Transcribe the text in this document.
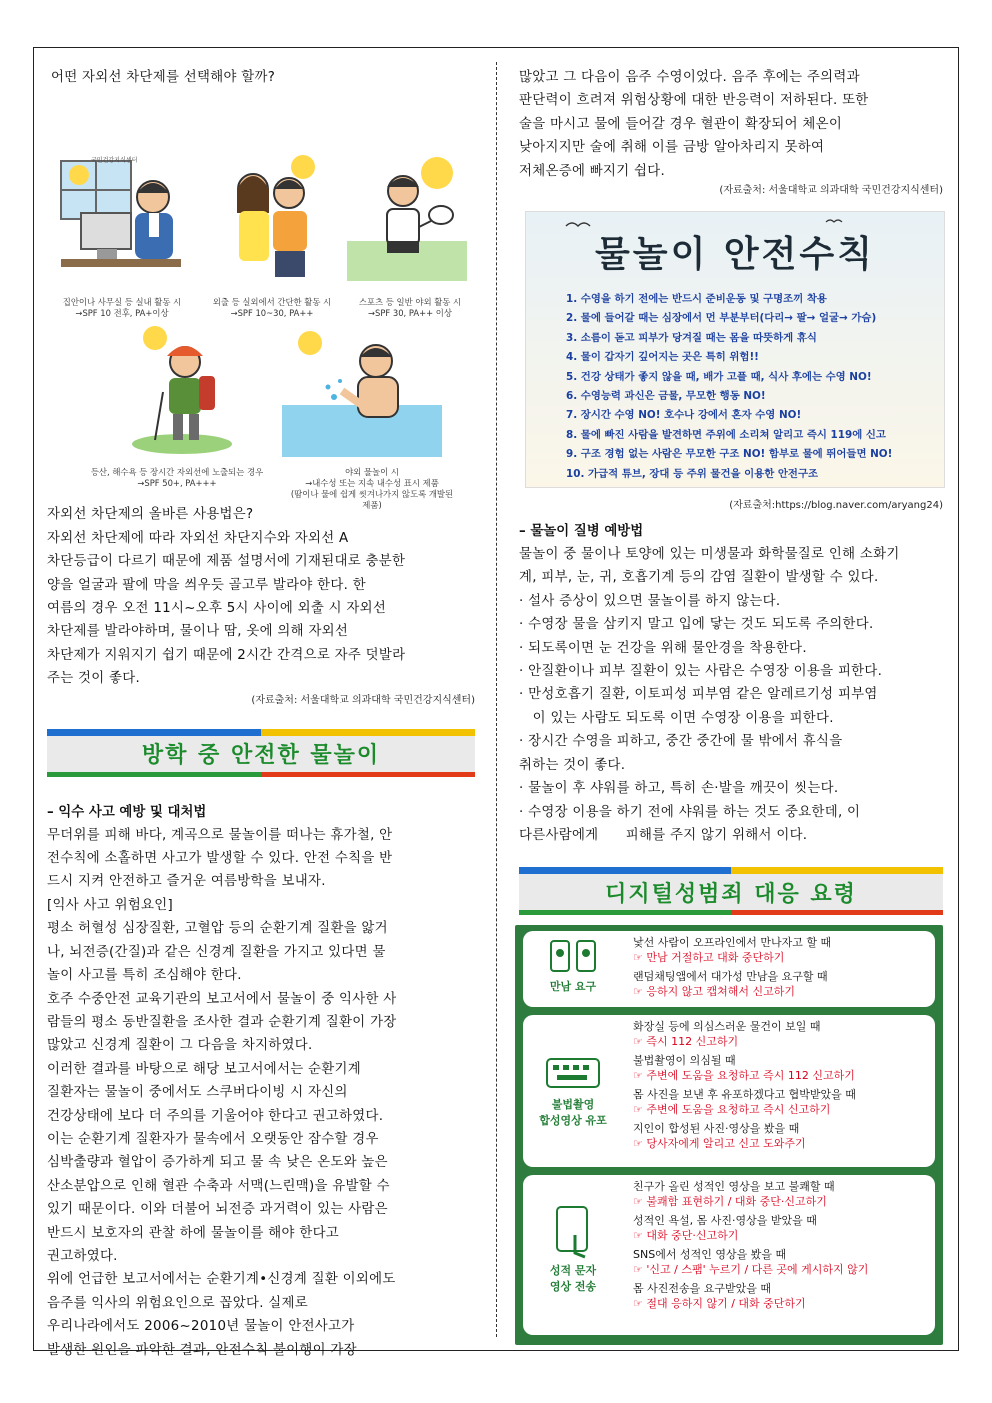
어떤 자외선 차단제를 선택해야 할까?

국민건강지식센터
집안이나 사무실 등 실내 활동 시
→SPF 10 전후, PA+이상
외출 등 실외에서 간단한 활동 시
→SPF 10~30, PA++
스포츠 등 일반 야외 활동 시
→SPF 30, PA++ 이상
등산, 해수욕 등 장시간 자외선에 노출되는 경우
→SPF 50+, PA+++
야외 물놀이 시
→내수성 또는 지속 내수성 표시 제품
(땀이나 물에 쉽게 씻겨나가지 않도록 개발된 제품)

자외선 차단제의 올바른 사용법은?

자외선 차단제에 따라 자외선 차단지수와 자외선 A

차단등급이 다르기 때문에 제품 설명서에 기재된대로 충분한

양을 얼굴과 팔에 막을 씌우듯 골고루 발라야 한다. 한

여름의 경우 오전 11시~오후 5시 사이에 외출 시 자외선

차단제를 발라야하며, 물이나 땀, 옷에 의해 자외선

차단제가 지워지기 쉽기 때문에 2시간 간격으로 자주 덧발라

주는 것이 좋다.

(자료출처: 서울대학교 의과대학 국민건강지식센터)

방학 중 안전한 물놀이

– 익수 사고 예방 및 대처법

무더위를 피해 바다, 계곡으로 물놀이를 떠나는 휴가철, 안

전수칙에 소홀하면 사고가 발생할 수 있다. 안전 수칙을 반

드시 지켜 안전하고 즐거운 여름방학을 보내자.

[익사 사고 위험요인]

평소 허혈성 심장질환, 고혈압 등의 순환기계 질환을 앓거

나, 뇌전증(간질)과 같은 신경계 질환을 가지고 있다면 물

놀이 사고를 특히 조심해야 한다.

호주 수중안전 교육기관의 보고서에서 물놀이 중 익사한 사

람들의 평소 동반질환을 조사한 결과 순환기계 질환이 가장

많았고 신경계 질환이 그 다음을 차지하였다.

이러한 결과를 바탕으로 해당 보고서에서는 순환기계

질환자는 물놀이 중에서도 스쿠버다이빙 시 자신의

건강상태에 보다 더 주의를 기울어야 한다고 권고하였다.

이는 순환기계 질환자가 물속에서 오랫동안 잠수할 경우

심박출량과 혈압이 증가하게 되고 물 속 낮은 온도와 높은

산소분압으로 인해 혈관 수축과 서맥(느린맥)을 유발할 수

있기 때문이다. 이와 더불어 뇌전증 과거력이 있는 사람은

반드시 보호자의 관찰 하에 물놀이를 해야 한다고

권고하였다.

위에 언급한 보고서에서는 순환기계•신경계 질환 이외에도

음주를 익사의 위험요인으로 꼽았다. 실제로

우리나라에서도 2006~2010년 물놀이 안전사고가

발생한 원인을 파악한 결과, 안전수칙 불이행이 가장

많았고 그 다음이 음주 수영이었다. 음주 후에는 주의력과

판단력이 흐려져 위험상황에 대한 반응력이 저하된다. 또한

술을 마시고 물에 들어갈 경우 혈관이 확장되어 체온이

낮아지지만 술에 취해 이를 금방 알아차리지 못하여

저체온증에 빠지기 쉽다.

(자료출처: 서울대학교 의과대학 국민건강지식센터)

물놀이 안전수칙
1. 수영을 하기 전에는 반드시 준비운동 및 구명조끼 착용
2. 물에 들어갈 때는 심장에서 먼 부분부터(다리→ 팔→ 얼굴→ 가슴)
3. 소름이 돋고 피부가 당겨질 때는 몸을 따뜻하게 휴식
4. 물이 갑자기 깊어지는 곳은 특히 위험!!
5. 건강 상태가 좋지 않을 때, 배가 고플 때, 식사 후에는 수영 NO!
6. 수영능력 과신은 금물, 무모한 행동 NO!
7. 장시간 수영 NO! 호수나 강에서 혼자 수영 NO!
8. 물에 빠진 사람을 발견하면 주위에 소리쳐 알리고 즉시 119에 신고
9. 구조 경험 없는 사람은 무모한 구조 NO! 함부로 물에 뛰어들면 NO!
10. 가급적 튜브, 장대 등 주위 물건을 이용한 안전구조

(자료출처:https://blog.naver.com/aryang24)

– 물놀이 질병 예방법

물놀이 중 물이나 토양에 있는 미생물과 화학물질로 인해 소화기

계, 피부, 눈, 귀, 호흡기계 등의 감염 질환이 발생할 수 있다.

· 설사 증상이 있으면 물놀이를 하지 않는다.

· 수영장 물을 삼키지 말고 입에 닿는 것도 되도록 주의한다.

· 되도록이면 눈 건강을 위해 물안경을 착용한다.

· 안질환이나 피부 질환이 있는 사람은 수영장 이용을 피한다.

· 만성호흡기 질환, 이토피성 피부염 같은 알레르기성 피부염

이 있는 사람도 되도록 이면 수영장 이용을 피한다.

· 장시간 수영을 피하고, 중간 중간에 물 밖에서 휴식을

취하는 것이 좋다.

· 물놀이 후 샤워를 하고, 특히 손·발을 깨끗이 씻는다.

· 수영장 이용을 하기 전에 샤워를 하는 것도 중요한데, 이

다른사람에게      피해를 주지 않기 위해서 이다.

디지털성범죄 대응 요령
만남 요구
낯선 사람이 오프라인에서 만나자고 할 때
☞ 만남 거절하고 대화 중단하기
랜덤채팅앱에서 대가성 만남을 요구할 때
☞ 응하지 않고 캡쳐해서 신고하기
불법촬영
합성영상 유포
화장실 등에 의심스러운 물건이 보일 때
☞ 즉시 112 신고하기
불법촬영이 의심될 때
☞ 주변에 도움을 요청하고 즉시 112 신고하기
몸 사진을 보낸 후 유포하겠다고 협박받았을 때
☞ 주변에 도움을 요청하고 즉시 신고하기
지인이 합성된 사진·영상을 봤을 때
☞ 당사자에게 알리고 신고 도와주기
성적 문자
영상 전송
친구가 올린 성적인 영상을 보고 불쾌할 때
☞ 불쾌함 표현하기 / 대화 중단·신고하기
성적인 욕설, 몸 사진·영상을 받았을 때
☞ 대화 중단·신고하기
SNS에서 성적인 영상을 봤을 때
☞ '신고 / 스팸' 누르기 / 다른 곳에 게시하지 않기
몸 사진전송을 요구받았을 때
☞ 절대 응하지 않기 / 대화 중단하기
